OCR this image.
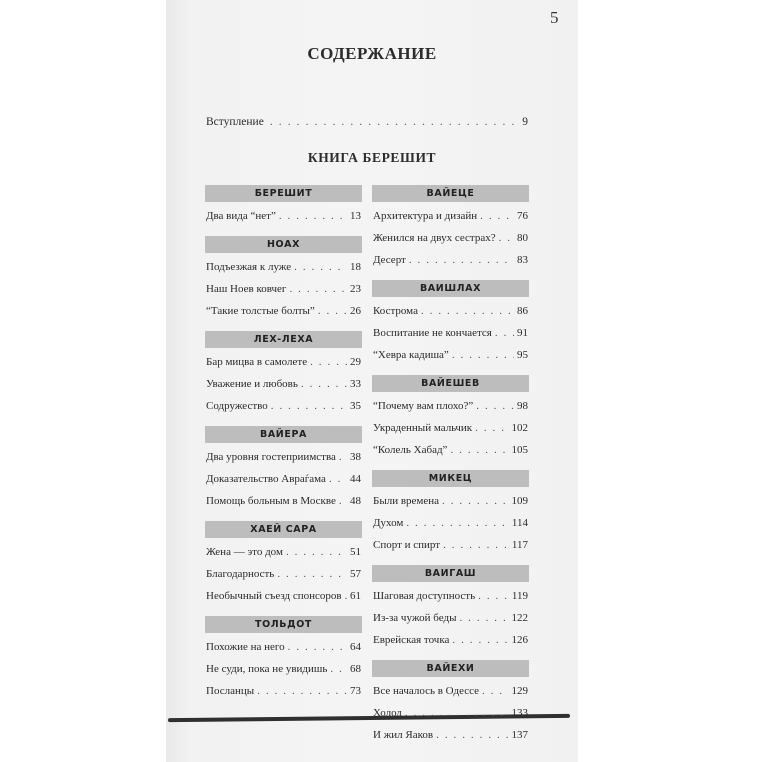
5
СОДЕРЖАНИЕ
Вступление . . .	9
КНИГА БЕРЕШИТ
БЕРЕШИТ
Два вида “нет” . . .	13
НОАХ
Подъезжая к луже . . .	18
Наш Ноев ковчег . . .	23
“Такие толстые болты” . . .	26
ЛЕХ-ЛЕХА
Бар мицва в самолете . . .	29
Уважение и любовь . . .	33
Содружество . . .	35
ВАЙЕРА
Два уровня гостеприимства . . . 38
Доказательство Авраѓама . . . 44
Помощь больным в Москве . . . 48
ХАЕЙ САРА
Жена — это дом . . .	51
Благодарность . . .	57
Необычный съезд спонсоров . . . 61
ТОЛЬДОТ
Похожие на него . . .	64
Не суди, пока не увидишь . . . 68
Посланцы . . .	73
ВАЙЕЦЕ
Архитектура и дизайн . . .	76
Женился на двух сестрах? . . . 80
Десерт . . .	83
ВАИШЛАХ
Кострома . . .	86
Воспитание не кончается . . . 91
“Хевра кадиша” . . .	95
ВАЙЕШЕВ
“Почему вам плохо?” . . .	98
Украденный мальчик . . .	102
“Колель Хабад” . . .	105
МИКЕЦ
Были времена . . .	109
Духом . . .	114
Спорт и спирт . . .	117
ВАИГАШ
Шаговая доступность . . .	119
Из-за чужой беды . . .	122
Еврейская точка . . .	126
ВАЙЕХИ
Все началось в Одессе . . .	129
Холод . . .	133
И жил Яаков . . .	137
